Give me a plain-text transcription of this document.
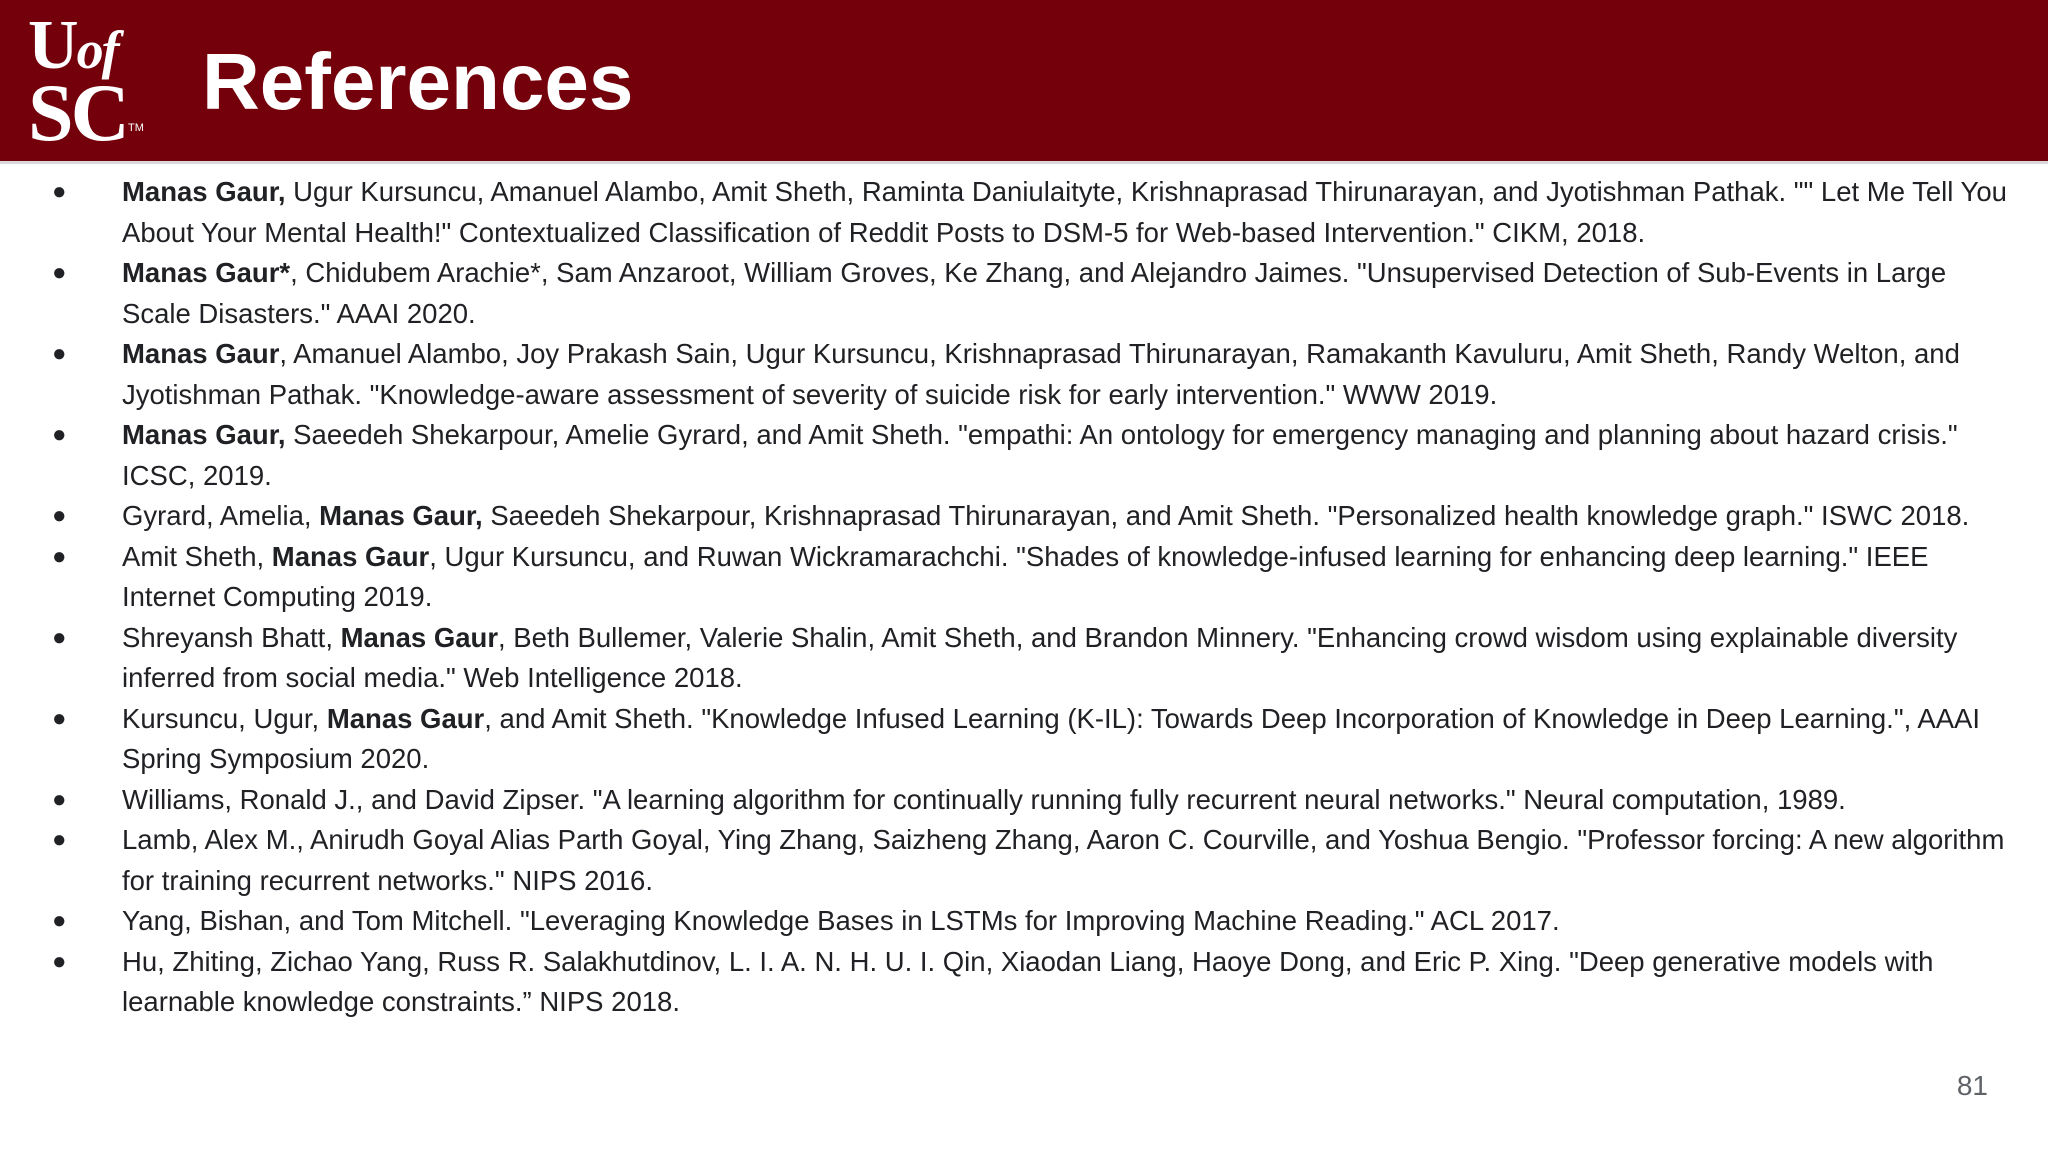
Uof
SC TM
References
● Manas Gaur, Ugur Kursuncu, Amanuel Alambo, Amit Sheth, Raminta Daniulaityte, Krishnaprasad Thirunarayan, and Jyotishman Pathak. "" Let Me Tell You About Your Mental Health!" Contextualized Classification of Reddit Posts to DSM-5 for Web-based Intervention." CIKM, 2018.
● Manas Gaur*, Chidubem Arachie*, Sam Anzaroot, William Groves, Ke Zhang, and Alejandro Jaimes. "Unsupervised Detection of Sub-Events in Large Scale Disasters." AAAI 2020.
● Manas Gaur, Amanuel Alambo, Joy Prakash Sain, Ugur Kursuncu, Krishnaprasad Thirunarayan, Ramakanth Kavuluru, Amit Sheth, Randy Welton, and Jyotishman Pathak. "Knowledge-aware assessment of severity of suicide risk for early intervention." WWW 2019.
● Manas Gaur, Saeedeh Shekarpour, Amelie Gyrard, and Amit Sheth. "empathi: An ontology for emergency managing and planning about hazard crisis." ICSC, 2019.
● Gyrard, Amelia, Manas Gaur, Saeedeh Shekarpour, Krishnaprasad Thirunarayan, and Amit Sheth. "Personalized health knowledge graph." ISWC 2018.
● Amit Sheth, Manas Gaur, Ugur Kursuncu, and Ruwan Wickramarachchi. "Shades of knowledge-infused learning for enhancing deep learning." IEEE Internet Computing 2019.
● Shreyansh Bhatt, Manas Gaur, Beth Bullemer, Valerie Shalin, Amit Sheth, and Brandon Minnery. "Enhancing crowd wisdom using explainable diversity inferred from social media." Web Intelligence 2018.
● Kursuncu, Ugur, Manas Gaur, and Amit Sheth. "Knowledge Infused Learning (K-IL): Towards Deep Incorporation of Knowledge in Deep Learning.", AAAI Spring Symposium 2020.
● Williams, Ronald J., and David Zipser. "A learning algorithm for continually running fully recurrent neural networks." Neural computation, 1989.
● Lamb, Alex M., Anirudh Goyal Alias Parth Goyal, Ying Zhang, Saizheng Zhang, Aaron C. Courville, and Yoshua Bengio. "Professor forcing: A new algorithm for training recurrent networks." NIPS 2016.
● Yang, Bishan, and Tom Mitchell. "Leveraging Knowledge Bases in LSTMs for Improving Machine Reading." ACL 2017.
● Hu, Zhiting, Zichao Yang, Russ R. Salakhutdinov, L. I. A. N. H. U. I. Qin, Xiaodan Liang, Haoye Dong, and Eric P. Xing. "Deep generative models with learnable knowledge constraints.” NIPS 2018.
81
